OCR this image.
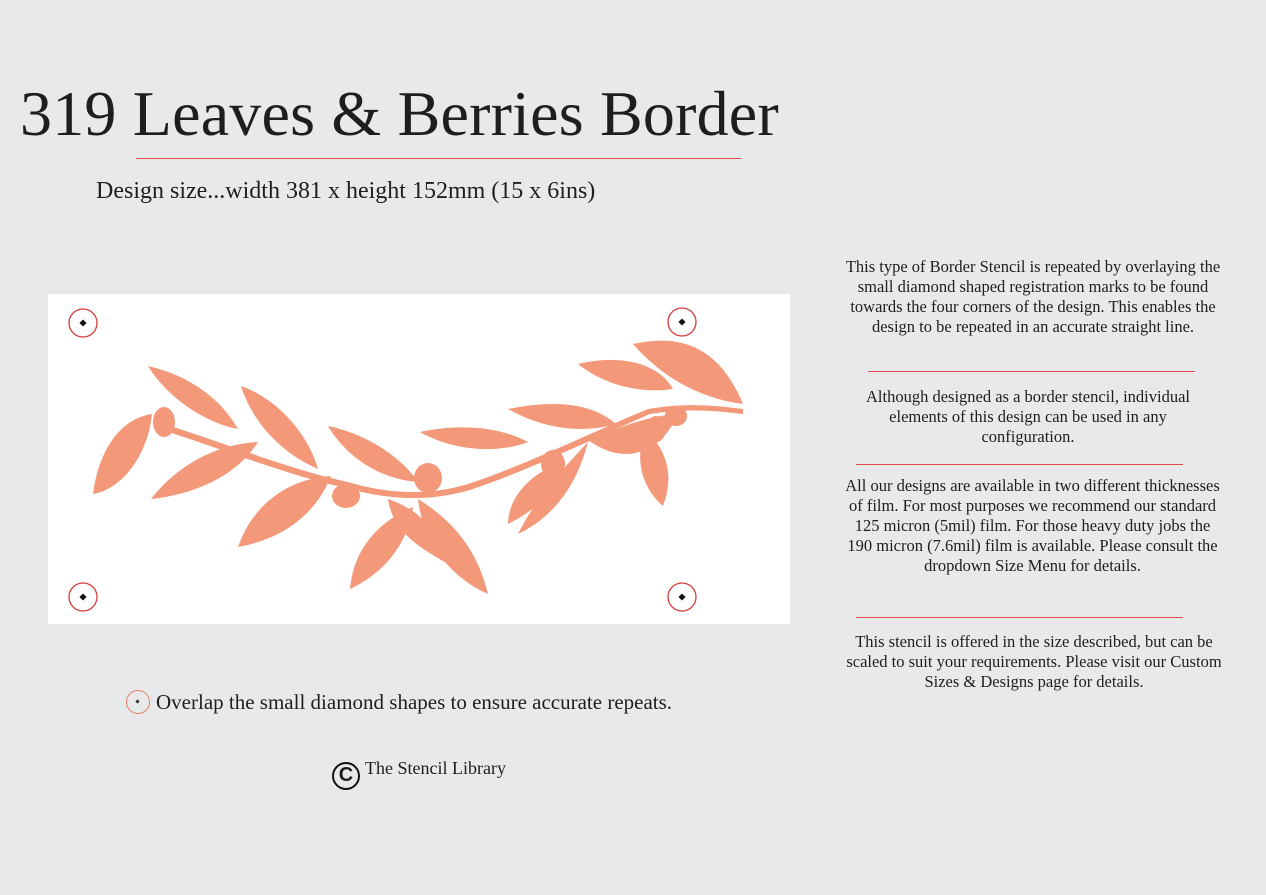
319 Leaves & Berries Border
Design size...width 381 x height 152mm (15 x 6ins)

This type of Border Stencil is repeated by overlaying the small diamond shaped registration marks to be found towards the four corners of the design. This enables the design to be repeated in an accurate straight line.

Although designed as a border stencil, individual elements of this design can be used in any configuration.

All our designs are available in two different thicknesses of film. For most purposes we recommend our standard 125 micron (5mil) film. For those heavy duty jobs the 190 micron (7.6mil) film is available. Please consult the dropdown Size Menu for details.

This stencil is offered in the size described, but can be scaled to suit your requirements. Please visit our Custom Sizes & Designs page for details.

Overlap the small diamond shapes to ensure accurate repeats.
C The Stencil Library
